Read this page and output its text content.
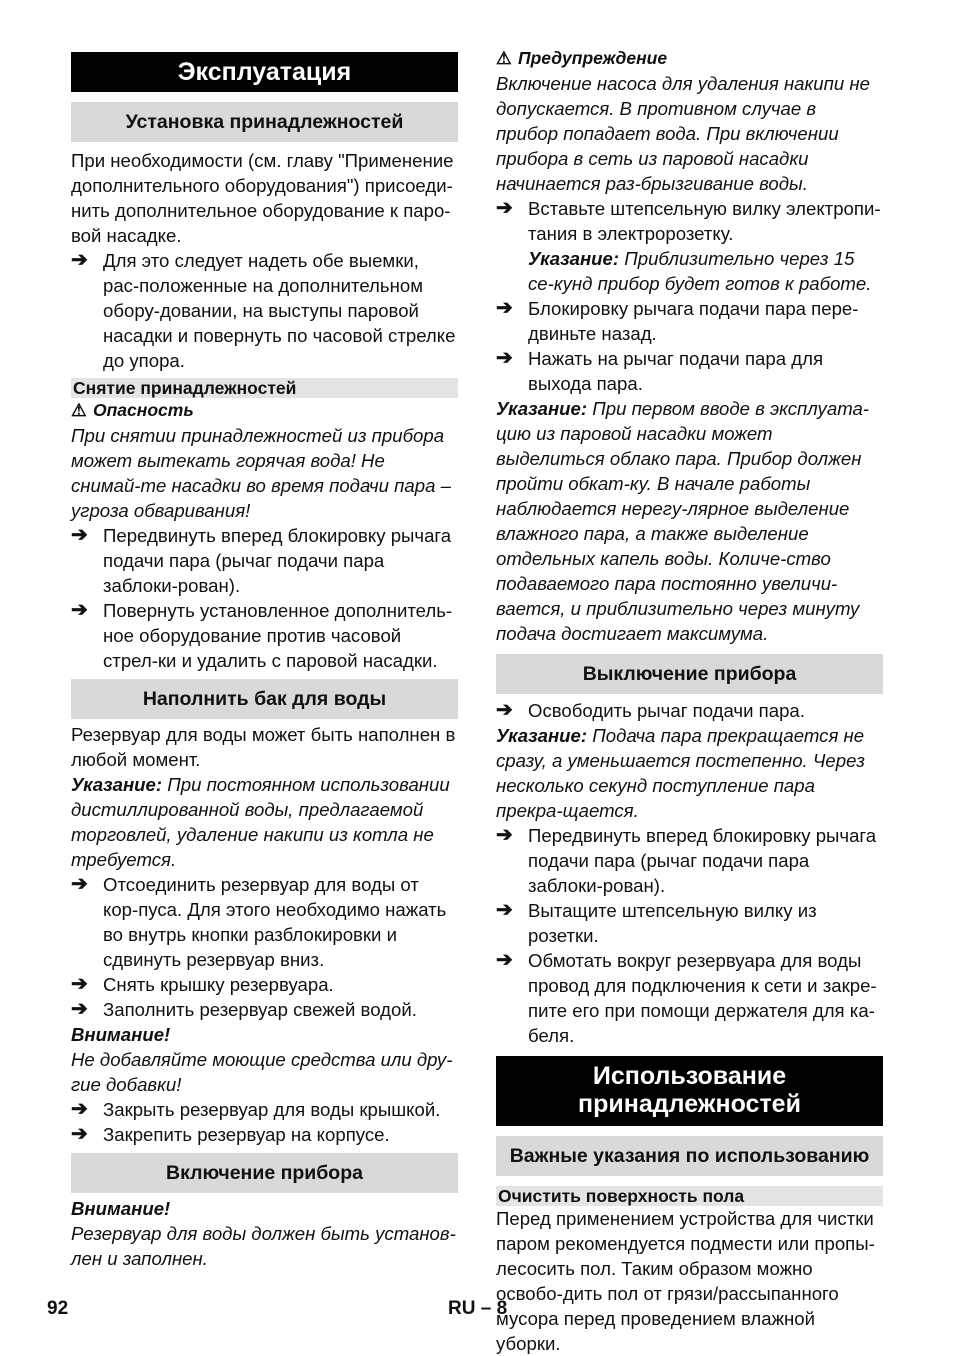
Эксплуатация
Установка принадлежностей

При необходимости (см. главу "Применение дополнительного оборудования") присоеди-нить дополнительное оборудование к паро-вой насадке.

➔ Для это следует надеть обе выемки, рас-положенные на дополнительном обору-довании, на выступы паровой насадки и повернуть по часовой стрелке до упора.
Снятие принадлежностей
⚠ Опасность

При снятии принадлежностей из прибора может вытекать горячая вода! Не снимай-те насадки во время подачи пара – угроза обваривания!

➔ Передвинуть вперед блокировку рычага подачи пара (рычаг подачи пара заблоки-рован).
➔ Повернуть установленное дополнитель-ное оборудование против часовой стрел-ки и удалить с паровой насадки.
Наполнить бак для воды

Резервуар для воды может быть наполнен в любой момент.

Указание: При постоянном использовании дистиллированной воды, предлагаемой торговлей, удаление накипи из котла не требуется.

➔ Отсоединить резервуар для воды от кор-пуса. Для этого необходимо нажать во внутрь кнопки разблокировки и сдвинуть резервуар вниз.
➔ Снять крышку резервуара.
➔ Заполнить резервуар свежей водой.

Внимание!

Не добавляйте моющие средства или дру-гие добавки!

➔ Закрыть резервуар для воды крышкой.
➔ Закрепить резервуар на корпусе.
Включение прибора

Внимание!

Резервуар для воды должен быть установ-лен и заполнен.

⚠ Предупреждение

Включение насоса для удаления накипи не допускается. В противном случае в прибор попадает вода. При включении прибора в сеть из паровой насадки начинается раз-брызгивание воды.

➔ Вставьте штепсельную вилку электропи-тания в электророзетку.
Указание: Приблизительно через 15 се-кунд прибор будет готов к работе.
➔ Блокировку рычага подачи пара пере-двиньте назад.
➔ Нажать на рычаг подачи пара для выхода пара.

Указание: При первом вводе в эксплуата-цию из паровой насадки может выделиться облако пара. Прибор должен пройти обкат-ку. В начале работы наблюдается нерегу-лярное выделение влажного пара, а также выделение отдельных капель воды. Количе-ство подаваемого пара постоянно увеличи-вается, и приблизительно через минуту подача достигает максимума.

Выключение прибора
➔ Освободить рычаг подачи пара.

Указание: Подача пара прекращается не сразу, а уменьшается постепенно. Через несколько секунд поступление пара прекра-щается.

➔ Передвинуть вперед блокировку рычага подачи пара (рычаг подачи пара заблоки-рован).
➔ Вытащите штепсельную вилку из розетки.
➔ Обмотать вокруг резервуара для воды провод для подключения к сети и закре-пите его при помощи держателя для ка-беля.
Использование
принадлежностей
Важные указания по использованию
Очистить поверхность пола

Перед применением устройства для чистки паром рекомендуется подмести или пропы-лесосить пол. Таким образом можно освобо-дить пол от грязи/рассыпанного мусора перед проведением влажной уборки.

92	RU – 8
